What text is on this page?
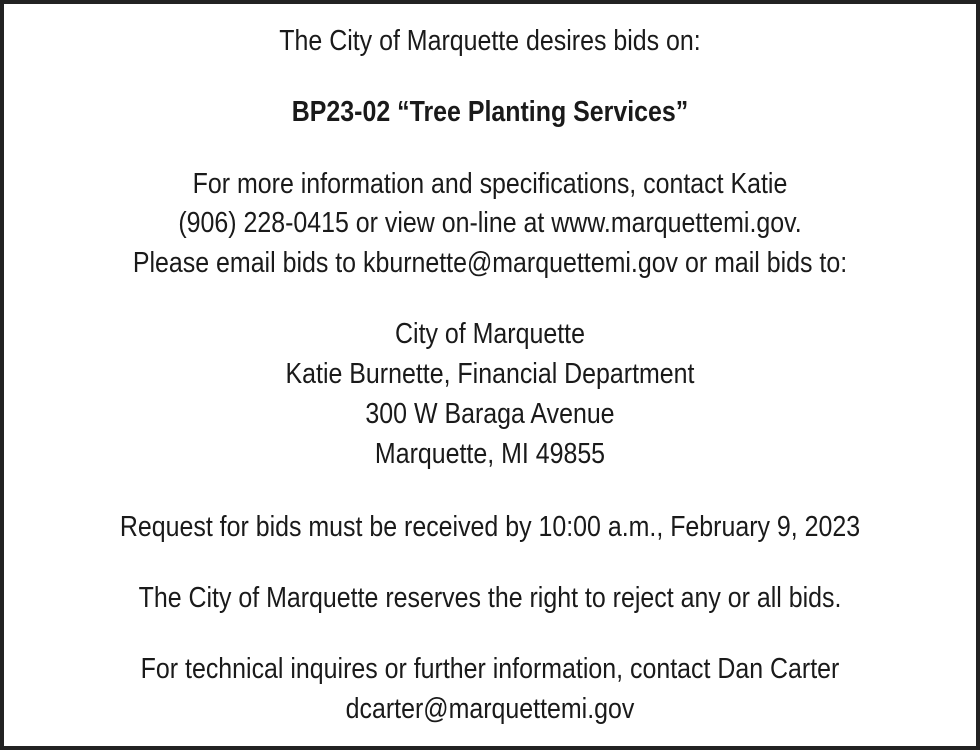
The City of Marquette desires bids on:
BP23-02 “Tree Planting Services”
For more information and specifications, contact Katie
(906) 228-0415 or view on-line at www.marquettemi.gov.
Please email bids to kburnette@marquettemi.gov or mail bids to:
City of Marquette
Katie Burnette, Financial Department
300 W Baraga Avenue
Marquette, MI 49855
Request for bids must be received by 10:00 a.m., February 9, 2023
The City of Marquette reserves the right to reject any or all bids.
For technical inquires or further information, contact Dan Carter
dcarter@marquettemi.gov
